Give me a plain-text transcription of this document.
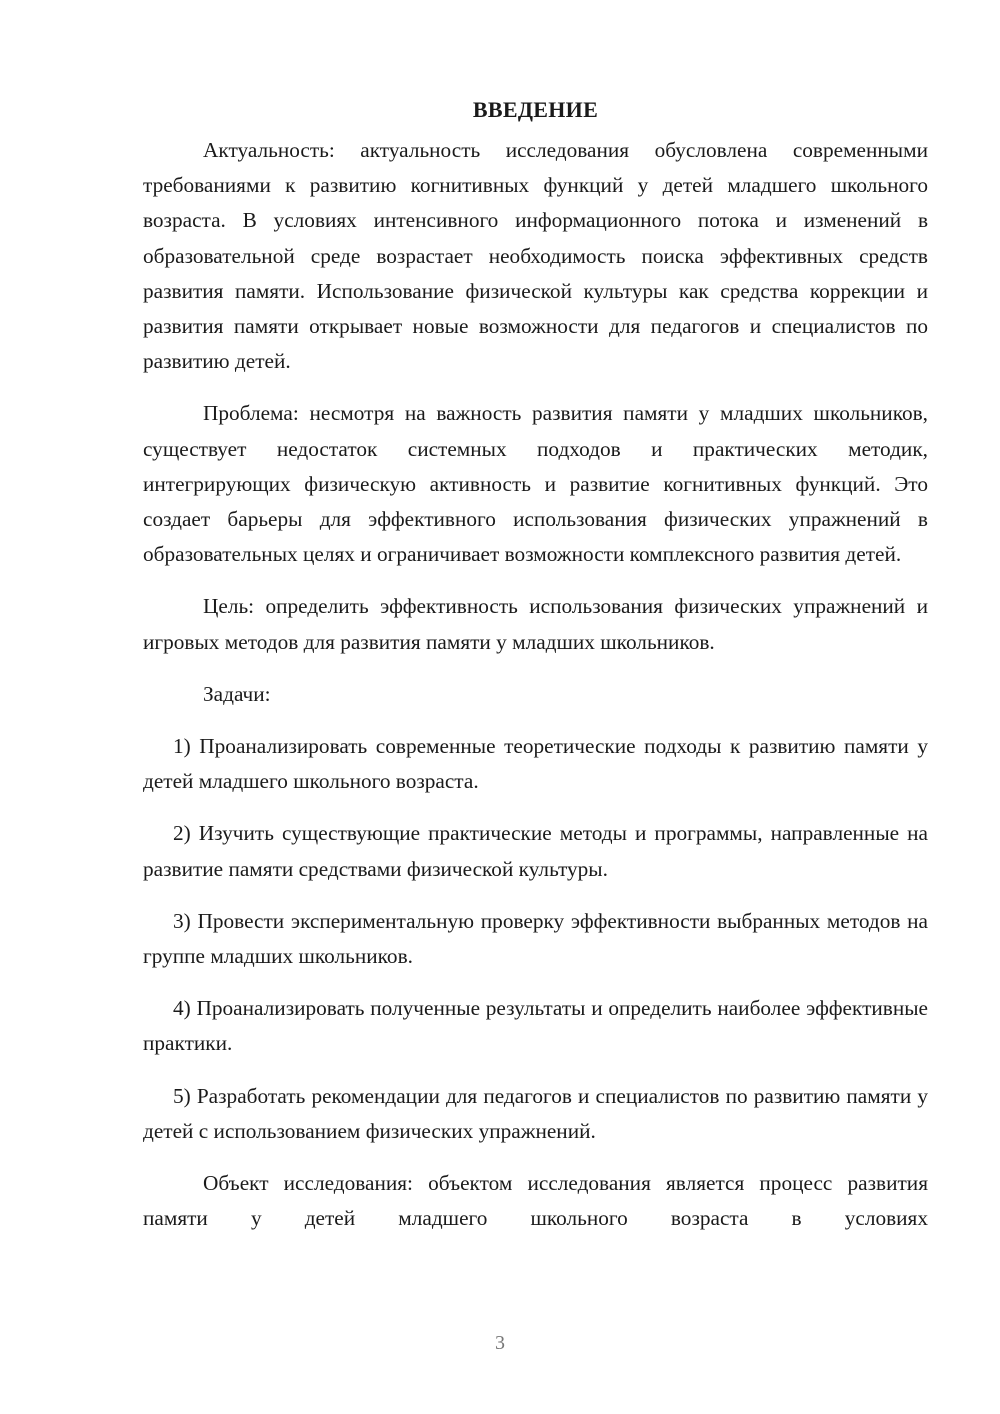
ВВЕДЕНИЕ

Актуальность: актуальность исследования обусловлена современными требованиями к развитию когнитивных функций у детей младшего школьного возраста. В условиях интенсивного информационного потока и изменений в образовательной среде возрастает необходимость поиска эффективных средств развития памяти. Использование физической культуры как средства коррекции и развития памяти открывает новые возможности для педагогов и специалистов по развитию детей.

Проблема: несмотря на важность развития памяти у младших школьников, существует недостаток системных подходов и практических методик, интегрирующих физическую активность и развитие когнитивных функций. Это создает барьеры для эффективного использования физических упражнений в образовательных целях и ограничивает возможности комплексного развития детей.

Цель: определить эффективность использования физических упражнений и игровых методов для развития памяти у младших школьников.

Задачи:

1) Проанализировать современные теоретические подходы к развитию памяти у детей младшего школьного возраста.

2) Изучить существующие практические методы и программы, направленные на развитие памяти средствами физической культуры.

3) Провести экспериментальную проверку эффективности выбранных методов на группе младших школьников.

4) Проанализировать полученные результаты и определить наиболее эффективные практики.

5) Разработать рекомендации для педагогов и специалистов по развитию памяти у детей с использованием физических упражнений.

Объект исследования: объектом исследования является процесс развития памяти у детей младшего школьного возраста в условиях

3
